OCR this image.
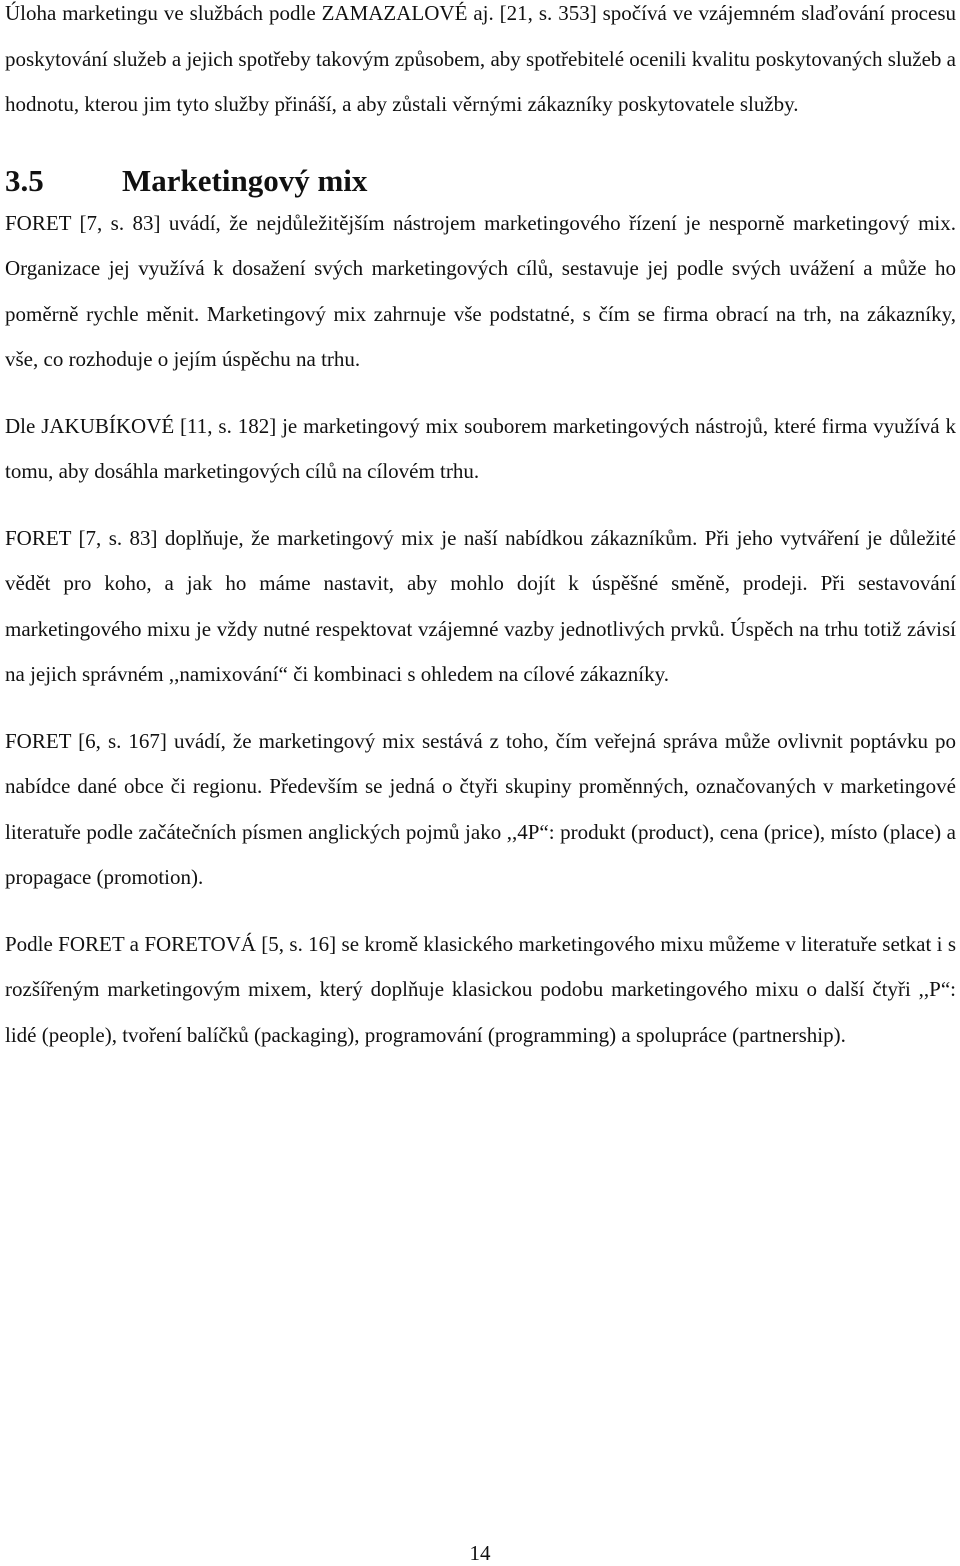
Úloha marketingu ve službách podle ZAMAZALOVÉ aj. [21, s. 353] spočívá ve vzájemném slaďování procesu poskytování služeb a jejich spotřeby takovým způsobem, aby spotřebitelé ocenili kvalitu poskytovaných služeb a hodnotu, kterou jim tyto služby přináší, a aby zůstali věrnými zákazníky poskytovatele služby.

3.5	Marketingový mix

FORET [7, s. 83] uvádí, že nejdůležitějším nástrojem marketingového řízení je nesporně marketingový mix. Organizace jej využívá k dosažení svých marketingových cílů, sestavuje jej podle svých uvážení a může ho poměrně rychle měnit. Marketingový mix zahrnuje vše podstatné, s čím se firma obrací na trh, na zákazníky, vše, co rozhoduje o jejím úspěchu na trhu.

Dle JAKUBÍKOVÉ [11, s. 182] je marketingový mix souborem marketingových nástrojů, které firma využívá k tomu, aby dosáhla marketingových cílů na cílovém trhu.

FORET [7, s. 83] doplňuje, že marketingový mix je naší nabídkou zákazníkům. Při jeho vytváření je důležité vědět pro koho, a jak ho máme nastavit, aby mohlo dojít k úspěšné směně, prodeji. Při sestavování marketingového mixu je vždy nutné respektovat vzájemné vazby jednotlivých prvků. Úspěch na trhu totiž závisí na jejich správném ,,namixování“ či kombinaci s ohledem na cílové zákazníky.

FORET [6, s. 167] uvádí, že marketingový mix sestává z toho, čím veřejná správa může ovlivnit poptávku po nabídce dané obce či regionu. Především se jedná o čtyři skupiny proměnných, označovaných v marketingové literatuře podle začátečních písmen anglických pojmů jako ,,4P“: produkt (product), cena (price), místo (place) a propagace (promotion).

Podle FORET a FORETOVÁ [5, s. 16] se kromě klasického marketingového mixu můžeme v literatuře setkat i s rozšířeným marketingovým mixem, který doplňuje klasickou podobu marketingového mixu o další čtyři ,,P“: lidé (people), tvoření balíčků (packaging), programování (programming) a spolupráce (partnership).

14
